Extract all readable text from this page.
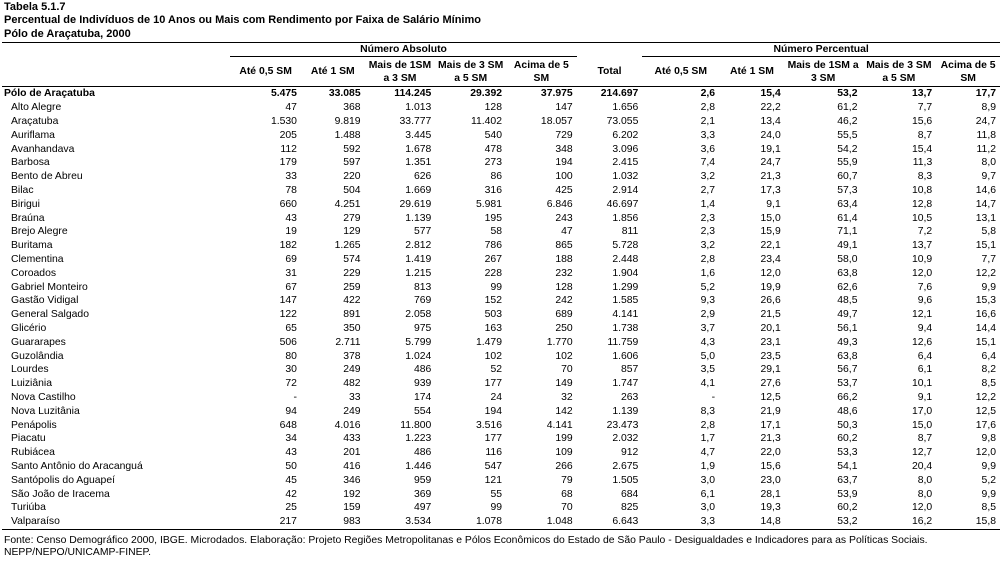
Tabela 5.1.7
Percentual de Indivíduos de 10 Anos ou Mais com Rendimento por Faixa de Salário Mínimo
Pólo de Araçatuba, 2000
	Número Absoluto						Número Percentual				
	Até 0,5 SM	Até 1 SM	Mais de 1SM a 3 SM	Mais de 3 SM a 5 SM	Acima de 5 SM	Total	Até 0,5 SM	Até 1 SM	Mais de 1SM a 3 SM	Mais de 3 SM a 5 SM	Acima de 5 SM
Pólo de Araçatuba	5.475	33.085	114.245	29.392	37.975	214.697	2,6	15,4	53,2	13,7	17,7
Alto Alegre	47	368	1.013	128	147	1.656	2,8	22,2	61,2	7,7	8,9
Araçatuba	1.530	9.819	33.777	11.402	18.057	73.055	2,1	13,4	46,2	15,6	24,7
Auriflama	205	1.488	3.445	540	729	6.202	3,3	24,0	55,5	8,7	11,8
Avanhandava	112	592	1.678	478	348	3.096	3,6	19,1	54,2	15,4	11,2
Barbosa	179	597	1.351	273	194	2.415	7,4	24,7	55,9	11,3	8,0
Bento de Abreu	33	220	626	86	100	1.032	3,2	21,3	60,7	8,3	9,7
Bilac	78	504	1.669	316	425	2.914	2,7	17,3	57,3	10,8	14,6
Birigui	660	4.251	29.619	5.981	6.846	46.697	1,4	9,1	63,4	12,8	14,7
Braúna	43	279	1.139	195	243	1.856	2,3	15,0	61,4	10,5	13,1
Brejo Alegre	19	129	577	58	47	811	2,3	15,9	71,1	7,2	5,8
Buritama	182	1.265	2.812	786	865	5.728	3,2	22,1	49,1	13,7	15,1
Clementina	69	574	1.419	267	188	2.448	2,8	23,4	58,0	10,9	7,7
Coroados	31	229	1.215	228	232	1.904	1,6	12,0	63,8	12,0	12,2
Gabriel Monteiro	67	259	813	99	128	1.299	5,2	19,9	62,6	7,6	9,9
Gastão Vidigal	147	422	769	152	242	1.585	9,3	26,6	48,5	9,6	15,3
General Salgado	122	891	2.058	503	689	4.141	2,9	21,5	49,7	12,1	16,6
Glicério	65	350	975	163	250	1.738	3,7	20,1	56,1	9,4	14,4
Guararapes	506	2.711	5.799	1.479	1.770	11.759	4,3	23,1	49,3	12,6	15,1
Guzolândia	80	378	1.024	102	102	1.606	5,0	23,5	63,8	6,4	6,4
Lourdes	30	249	486	52	70	857	3,5	29,1	56,7	6,1	8,2
Luiziânia	72	482	939	177	149	1.747	4,1	27,6	53,7	10,1	8,5
Nova Castilho	-	33	174	24	32	263	-	12,5	66,2	9,1	12,2
Nova Luzitânia	94	249	554	194	142	1.139	8,3	21,9	48,6	17,0	12,5
Penápolis	648	4.016	11.800	3.516	4.141	23.473	2,8	17,1	50,3	15,0	17,6
Piacatu	34	433	1.223	177	199	2.032	1,7	21,3	60,2	8,7	9,8
Rubiácea	43	201	486	116	109	912	4,7	22,0	53,3	12,7	12,0
Santo Antônio do Aracanguá	50	416	1.446	547	266	2.675	1,9	15,6	54,1	20,4	9,9
Santópolis do Aguapeí	45	346	959	121	79	1.505	3,0	23,0	63,7	8,0	5,2
São João de Iracema	42	192	369	55	68	684	6,1	28,1	53,9	8,0	9,9
Turiúba	25	159	497	99	70	825	3,0	19,3	60,2	12,0	8,5
Valparaíso	217	983	3.534	1.078	1.048	6.643	3,3	14,8	53,2	16,2	15,8
Fonte: Censo Demográfico 2000, IBGE. Microdados. Elaboração: Projeto Regiões Metropolitanas e Pólos Econômicos do Estado de São Paulo - Desigualdades e Indicadores para as Políticas Sociais.
NEPP/NEPO/UNICAMP-FINEP.
